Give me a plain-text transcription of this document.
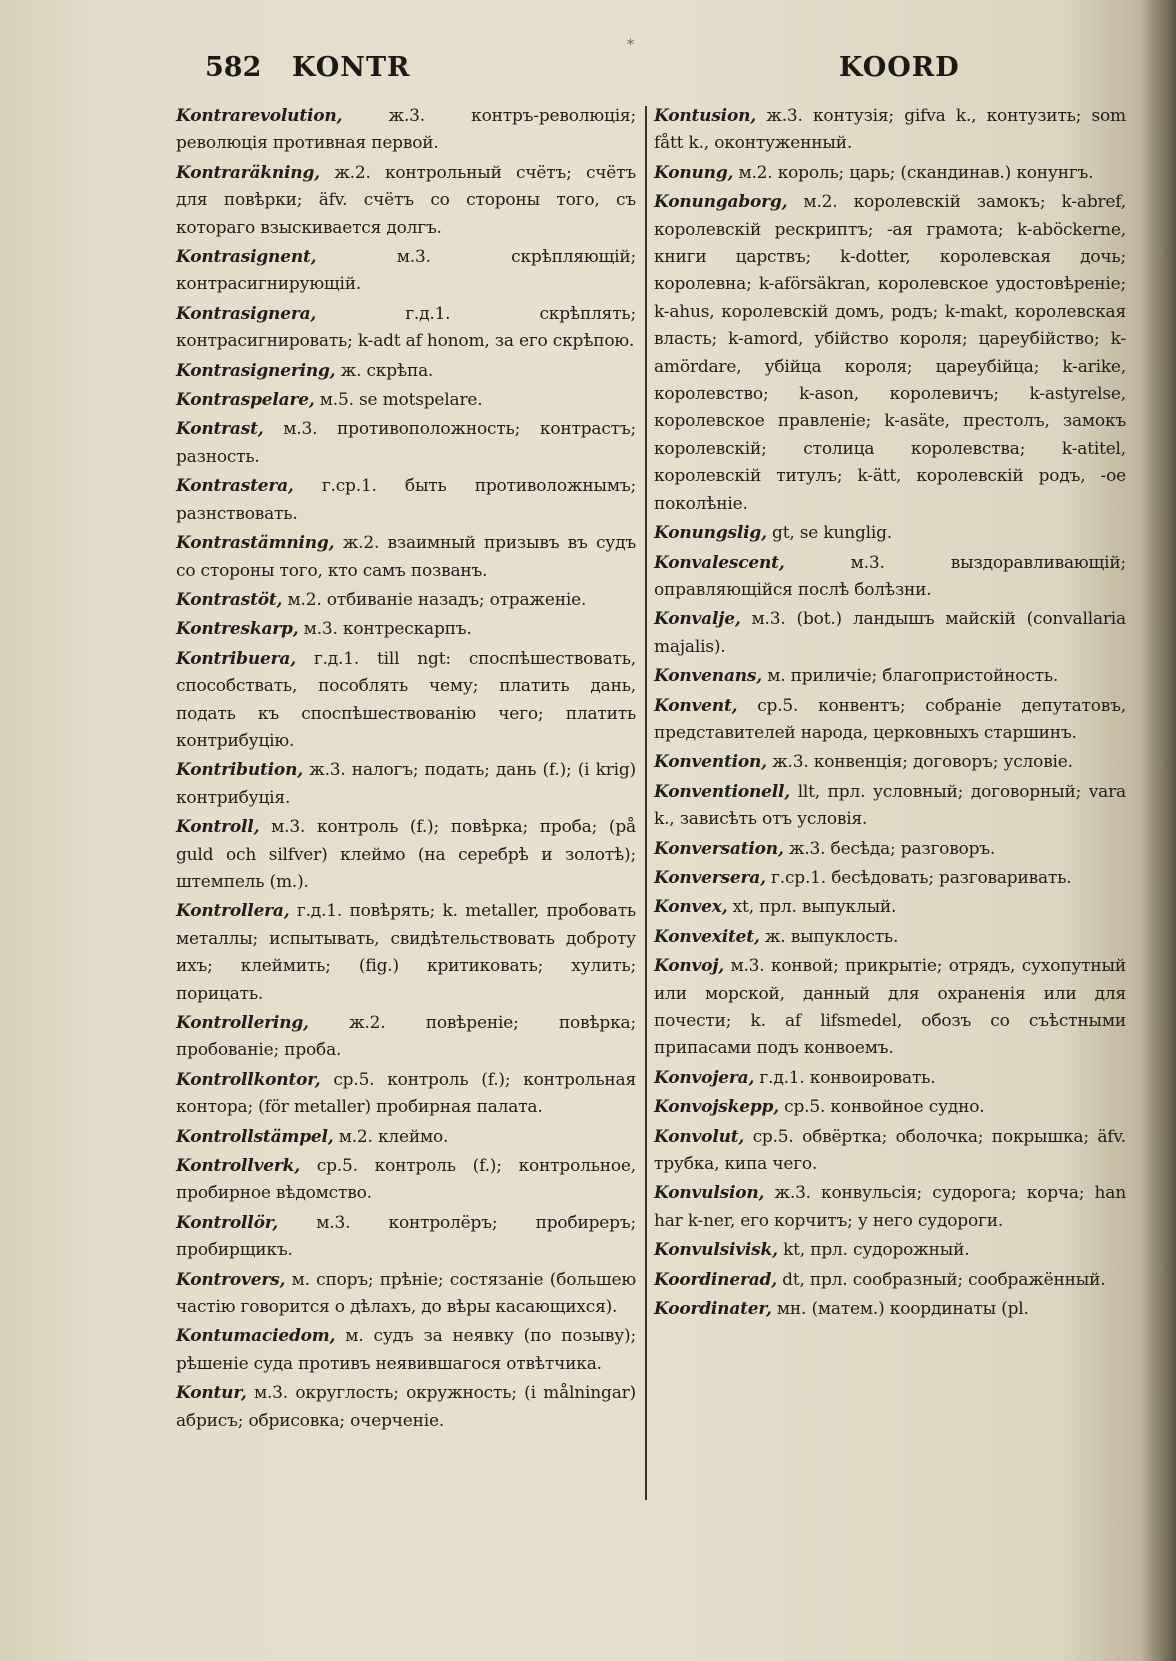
*
582 KONTR	KOORD
Kontrarevolution,	ж.3. контръ-революція; революція противная первой.
Kontraräkning, ж.2. контрольный счётъ; счётъ для повѣрки; äfv. счётъ со стороны того, съ котораго взыскивается долгъ.
Kontrasignent,	м.3. скрѣпляющій; контрасигнирующій.
Kontrasignera,	г.д.1. скрѣплять; контрасигнировать; k-adt af honom, за его скрѣпою.
Kontrasignering, ж. скрѣпа.
Kontraspelare, м.5. se motspelare.
Kontrast, м.3. противоположность; контрастъ; разность.
Kontrastera, г.ср.1. быть противоложнымъ; разнствовать.
Kontrastämning, ж.2. взаимный призывъ въ судъ со стороны того, кто самъ позванъ.
Kontrastöt, м.2. отбиваніе назадъ; отраженіе.
Kontreskarp, м.3. контрескарпъ.
Kontribuera, г.д.1. till ngt: споспѣшествовать, способствать, пособлять чему; платить дань, подать къ споспѣшествованію чего; платить контрибуцію.
Kontribution, ж.3. налогъ; подать; дань (f.); (i krig) контрибуція.
Kontroll, м.3. контроль (f.); повѣрка; проба; (på guld och silfver) клеймо (на серебрѣ и золотѣ); штемпель (m.).
Kontrollera, г.д.1. повѣрять; k. metaller, пробовать металлы; испытывать, свидѣтельствовать доброту ихъ; клеймить; (fig.) критиковать; хулить; порицать.
Kontrollering, ж.2. повѣреніе; повѣрка; пробованіе; проба.
Kontrollkontor, ср.5. контроль (f.); контрольная контора; (för metaller) пробирная палата.
Kontrollstämpel, м.2. клеймо.
Kontrollverk, ср.5. контроль (f.); контрольное, пробирное вѣдомство.
Kontrollör, м.3. контролёръ; пробиреръ; пробирщикъ.
Kontrovers, м. споръ; прѣніе; состязаніе (большею частію говорится о дѣлахъ, до вѣры касающихся).
Kontumaciedom, м. судъ за неявку (по позыву); рѣшеніе суда противъ неявившагося отвѣтчика.
Kontur, м.3. округлость; окружность; (i målningar) абрисъ; обрисовка; очерченіе.
Kontusion, ж.3. контузія; gifva k., контузить; som fått k., оконтуженный.
Konung, м.2. король; царь; (скандинав.) конунгъ.
Konungaborg, м.2. королевскій замокъ; k-abref, королевскій рескриптъ; -ая грамота; k-aböckerne, книги царствъ; k-dotter, королевская дочь; королевна; k-aförsäkran, королевское удостовѣреніе; k-ahus, королевскій домъ, родъ; k-makt, королевская власть; k-amord, убійство короля; цареубійство; k-amördare, убійца короля; цареубійца; k-arike, королевство; k-ason, королевичъ; k-astyrelse, королевское правленіе; k-asäte, престолъ, замокъ королевскій; столица королевства; k-atitel, королевскій титулъ; k-ätt, королевскій родъ, -ое поколѣніе.
Konungslig, gt, se kunglig.
Konvalescent,	м.3. выздоравливающій; оправляющійся послѣ болѣзни.
Konvalje, м.3. (bot.) ландышъ майскій (convallaria majalis).
Konvenans, м. приличіе; благопристойность.
Konvent, ср.5. конвентъ; собраніе депутатовъ, представителей народа, церковныхъ старшинъ.
Konvention, ж.3. конвенція; договоръ; условіе.
Konventionell, llt, прл. условный; договорный; vara k., зависѣть отъ условія.
Konversation, ж.3. бесѣда; разговоръ.
Konversera, г.ср.1. бесѣдовать; разговаривать.
Konvex, xt, прл. выпуклый.
Konvexitet, ж. выпуклость.
Konvoj, м.3. конвой; прикрытіе; отрядъ, сухопутный или морской, данный для охраненія или для почести; k. af lifsmedel, обозъ со съѣстными припасами подъ конвоемъ.
Konvojera, г.д.1. конвоировать.
Konvojskepp, ср.5. конвойное судно.
Konvolut, ср.5. обвёртка; оболочка; покрышка; äfv. трубка, кипа чего.
Konvulsion, ж.3. конвульсія; судорога; корча; han har k-ner, его корчитъ; у него судороги.
Konvulsivisk, kt, прл. судорожный.
Koordinerad, dt, прл. сообразный; соображённый.
Koordinater, мн. (матем.) координаты (pl.
